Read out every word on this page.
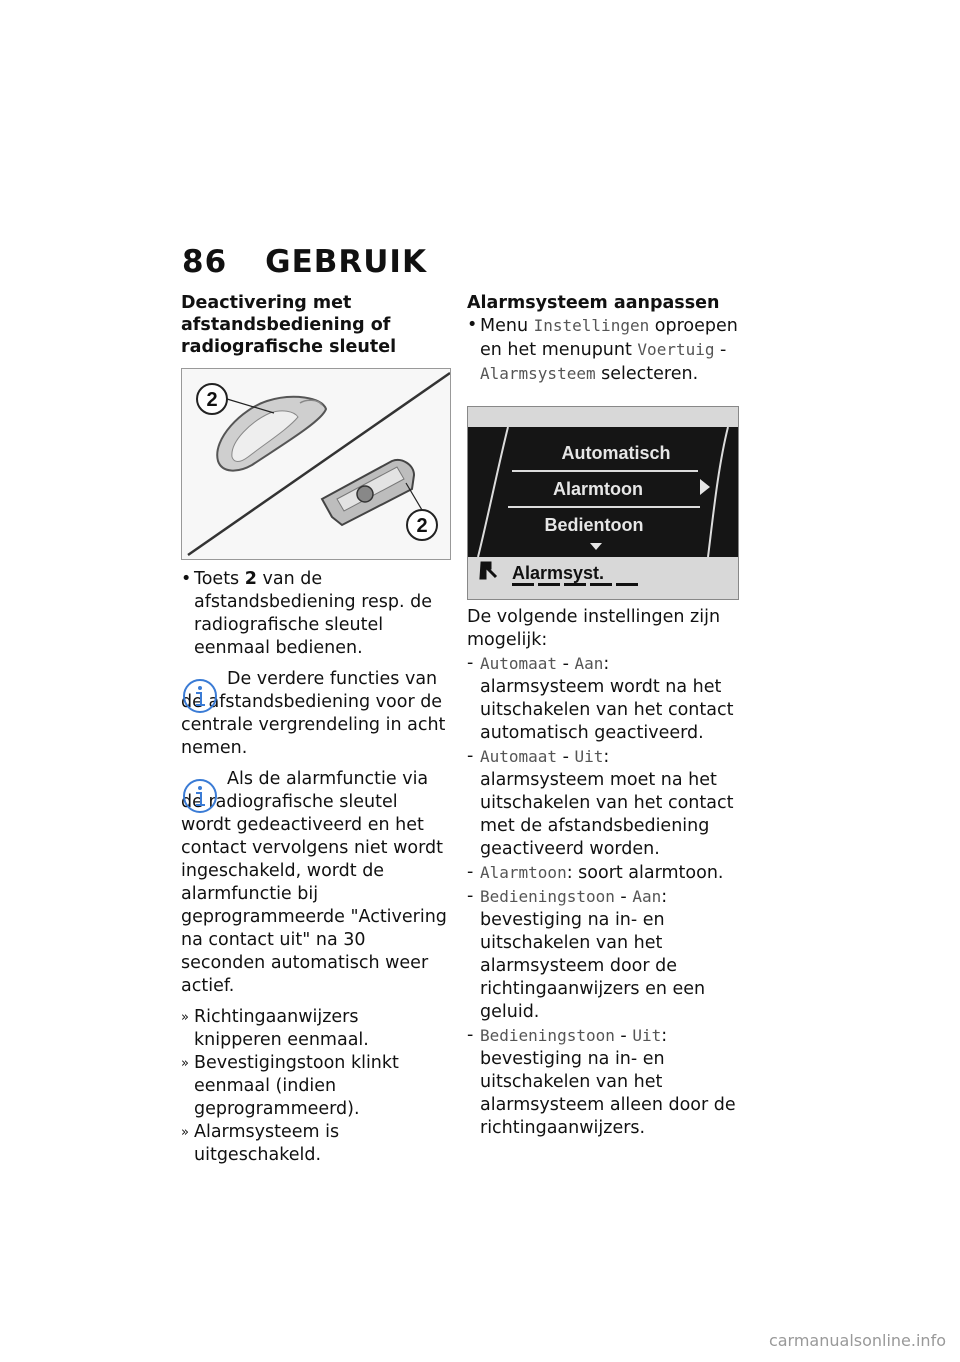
86 GEBRUIK
Deactivering met afstandsbediening of radiografische sleutel
2
2

• Toets 2 van de afstandsbediening resp. de radiografische sleutel eenmaal bedienen.

De verdere functies van de afstandsbediening voor de centrale vergrendeling in acht nemen.

Als de alarmfunctie via de radiografische sleutel wordt gedeactiveerd en het contact vervolgens niet wordt ingeschakeld, wordt de alarmfunctie bij geprogrammeerde "Activering na contact uit" na 30 seconden automatisch weer actief.

» Richtingaanwijzers knipperen eenmaal.

» Bevestigingstoon klinkt eenmaal (indien geprogrammeerd).

» Alarmsysteem is uitgeschakeld.

Alarmsysteem aanpassen

• Menu Instellingen oproepen en het menupunt Voertuig - Alarmsysteem selecteren.

Automatisch
Alarmtoon
Bedientoon
Alarmsyst.

De volgende instellingen zijn mogelijk:

- Automaat - Aan: alarmsysteem wordt na het uitschakelen van het contact automatisch geactiveerd.

- Automaat - Uit: alarmsysteem moet na het uitschakelen van het contact met de afstandsbediening geactiveerd worden.

- Alarmtoon: soort alarmtoon.

- Bedieningstoon - Aan: bevestiging na in- en uitschakelen van het alarmsysteem door de richtingaanwijzers en een geluid.

- Bedieningstoon - Uit: bevestiging na in- en uitschakelen van het alarmsysteem alleen door de richtingaanwijzers.

carmanualsonline.info
